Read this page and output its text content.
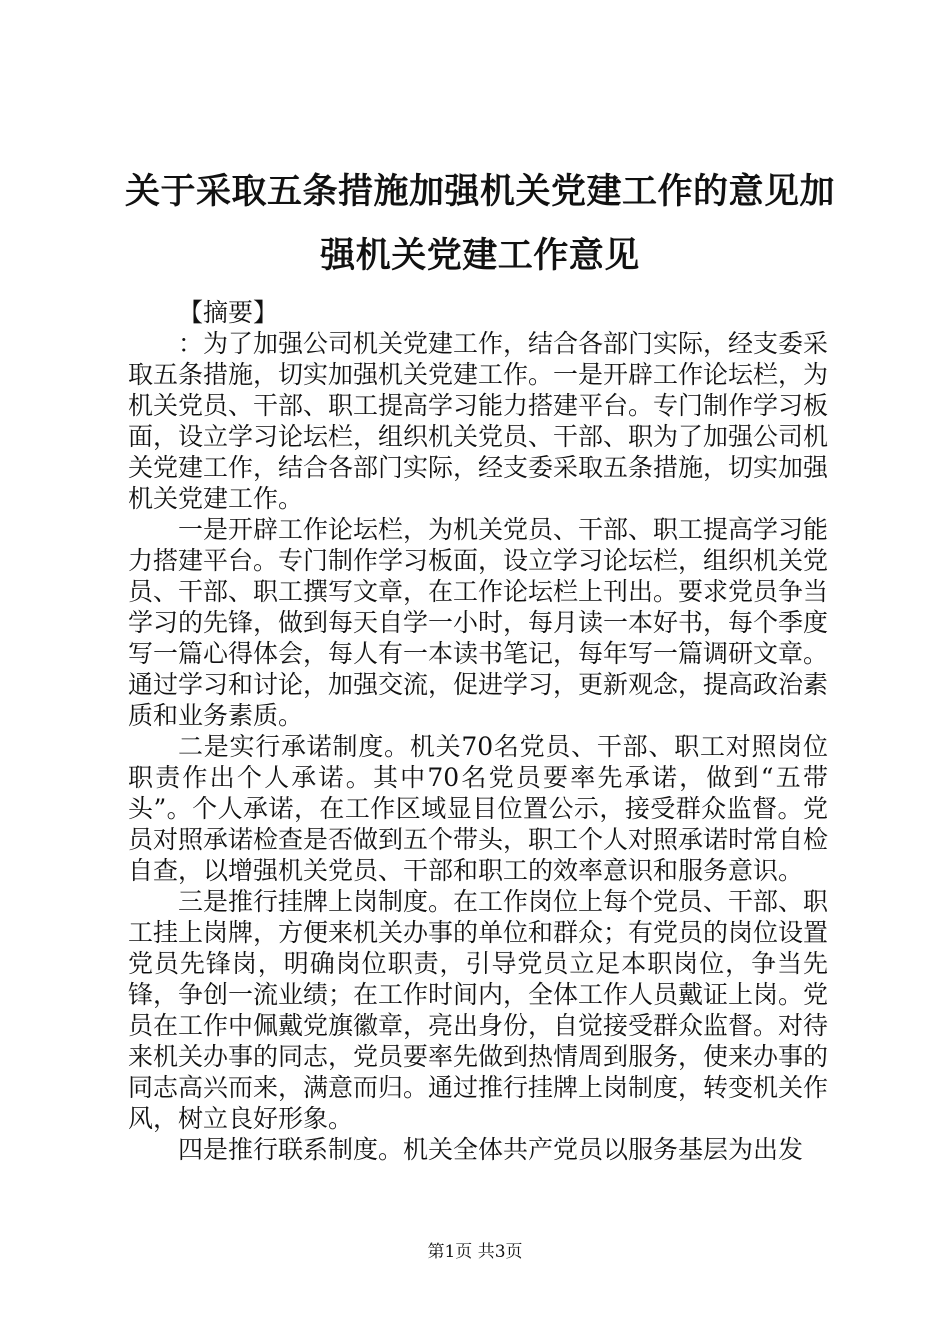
关于采取五条措施加强机关党建工作的意见加强机关党建工作意见

【摘要】

：为了加强公司机关党建工作，结合各部门实际，经支委采取五条措施，切实加强机关党建工作。一是开辟工作论坛栏，为机关党员、干部、职工提高学习能力搭建平台。专门制作学习板面，设立学习论坛栏，组织机关党员、干部、职为了加强公司机关党建工作，结合各部门实际，经支委采取五条措施，切实加强机关党建工作。

一是开辟工作论坛栏，为机关党员、干部、职工提高学习能力搭建平台。专门制作学习板面，设立学习论坛栏，组织机关党员、干部、职工撰写文章，在工作论坛栏上刊出。要求党员争当学习的先锋，做到每天自学一小时，每月读一本好书，每个季度写一篇心得体会，每人有一本读书笔记，每年写一篇调研文章。通过学习和讨论，加强交流，促进学习，更新观念，提高政治素质和业务素质。

二是实行承诺制度。机关70名党员、干部、职工对照岗位职责作出个人承诺。其中70名党员要率先承诺，做到“五带头”。个人承诺，在工作区域显目位置公示，接受群众监督。党员对照承诺检查是否做到五个带头，职工个人对照承诺时常自检自查，以增强机关党员、干部和职工的效率意识和服务意识。

三是推行挂牌上岗制度。在工作岗位上每个党员、干部、职工挂上岗牌，方便来机关办事的单位和群众；有党员的岗位设置党员先锋岗，明确岗位职责，引导党员立足本职岗位，争当先锋，争创一流业绩；在工作时间内，全体工作人员戴证上岗。党员在工作中佩戴党旗徽章，亮出身份，自觉接受群众监督。对待来机关办事的同志，党员要率先做到热情周到服务，使来办事的同志高兴而来，满意而归。通过推行挂牌上岗制度，转变机关作风，树立良好形象。

四是推行联系制度。机关全体共产党员以服务基层为出发

第1页 共3页
